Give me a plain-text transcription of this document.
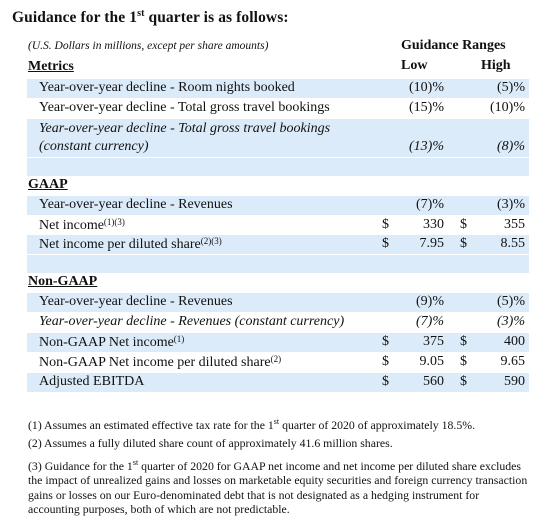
Guidance for the 1st quarter is as follows:
(U.S. Dollars in millions, except per share amounts)	Guidance Ranges
Low	High
Metrics
Year-over-year decline - Room nights booked	(10)%	(5)%
Year-over-year decline - Total gross travel bookings	(15)%	(10)%
Year-over-year decline - Total gross travel bookings
(constant currency)	(13)%	(8)%
GAAP
Year-over-year decline - Revenues	(7)%	(3)%
Net income$^{(1)(3)}$	$ 330 $	355
Net income per diluted share$^{(2)(3)}$	$ 7.95 $ 8.55
Non-GAAP
Year-over-year decline - Revenues	(9)%	(5)%
Year-over-year decline - Revenues (constant currency)	(7)%	(3)%
Non-GAAP Net income$^{(1)}$	$ 375 $	400
Non-GAAP Net income per diluted share$^{(2)}$	$ 9.05 $ 9.65
Adjusted EBITDA	$ 560 $	590
(1) Assumes an estimated effective tax rate for the 1st quarter of 2020 of approximately 18.5%.
(2) Assumes a fully diluted share count of approximately 41.6 million shares.
(3) Guidance for the 1st quarter of 2020 for GAAP net income and net income per diluted share excludes the impact of unrealized gains and losses on marketable equity securities and foreign currency transaction gains or losses on our Euro-denominated debt that is not designated as a hedging instrument for accounting purposes, both of which are not predictable.
